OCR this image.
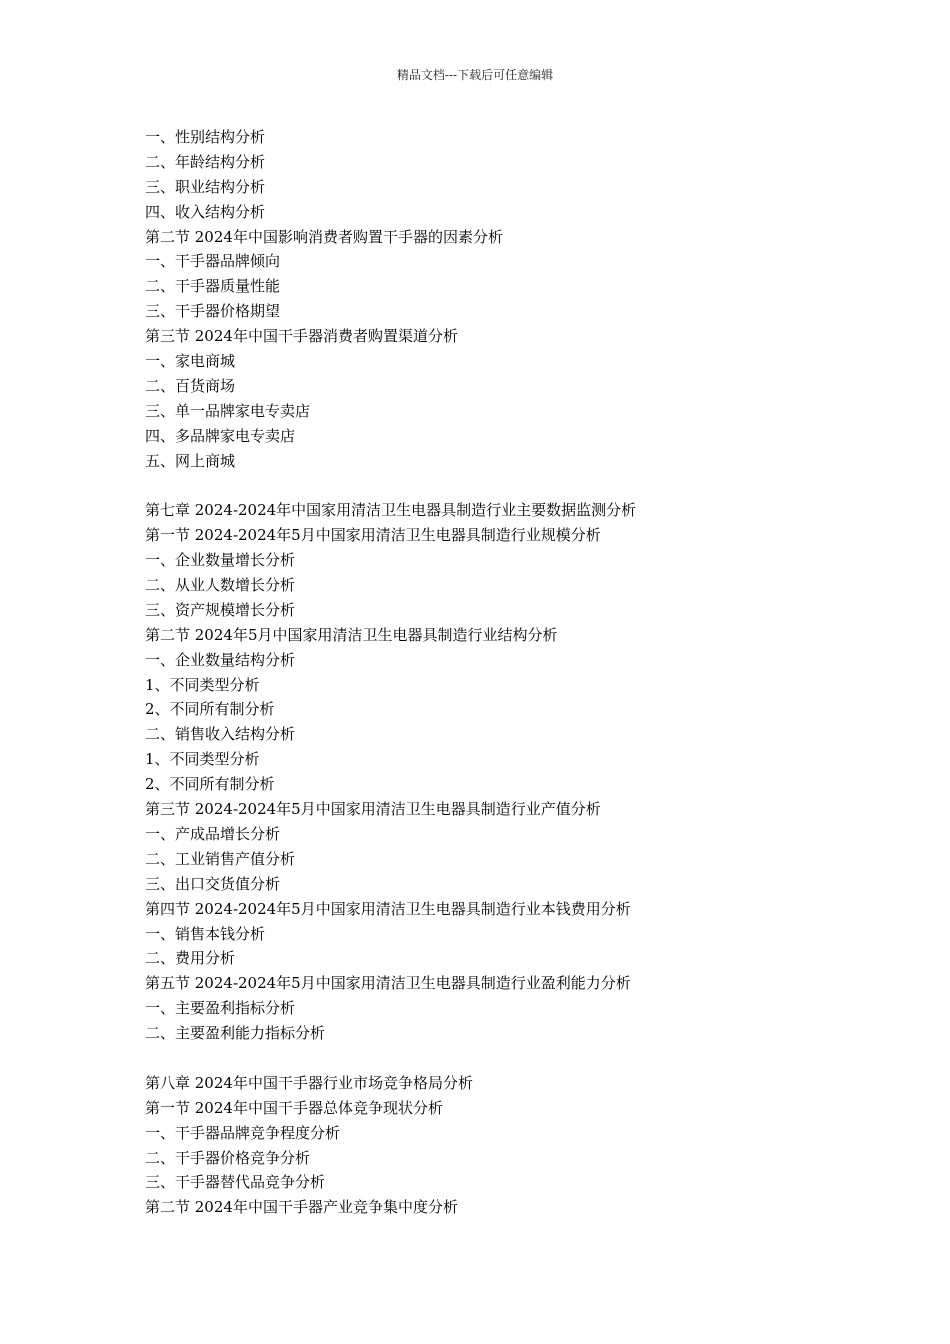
精品文档---下载后可任意编辑
一、性别结构分析
二、年龄结构分析
三、职业结构分析
四、收入结构分析
第二节 2024年中国影响消费者购置干手器的因素分析
一、干手器品牌倾向
二、干手器质量性能
三、干手器价格期望
第三节 2024年中国干手器消费者购置渠道分析
一、家电商城
二、百货商场
三、单一品牌家电专卖店
四、多品牌家电专卖店
五、网上商城
第七章 2024-2024年中国家用清洁卫生电器具制造行业主要数据监测分析
第一节 2024-2024年5月中国家用清洁卫生电器具制造行业规模分析
一、企业数量增长分析
二、从业人数增长分析
三、资产规模增长分析
第二节 2024年5月中国家用清洁卫生电器具制造行业结构分析
一、企业数量结构分析
1、不同类型分析
2、不同所有制分析
二、销售收入结构分析
1、不同类型分析
2、不同所有制分析
第三节 2024-2024年5月中国家用清洁卫生电器具制造行业产值分析
一、产成品增长分析
二、工业销售产值分析
三、出口交货值分析
第四节 2024-2024年5月中国家用清洁卫生电器具制造行业本钱费用分析
一、销售本钱分析
二、费用分析
第五节 2024-2024年5月中国家用清洁卫生电器具制造行业盈利能力分析
一、主要盈利指标分析
二、主要盈利能力指标分析
第八章 2024年中国干手器行业市场竞争格局分析
第一节 2024年中国干手器总体竞争现状分析
一、干手器品牌竞争程度分析
二、干手器价格竞争分析
三、干手器替代品竞争分析
第二节 2024年中国干手器产业竞争集中度分析
